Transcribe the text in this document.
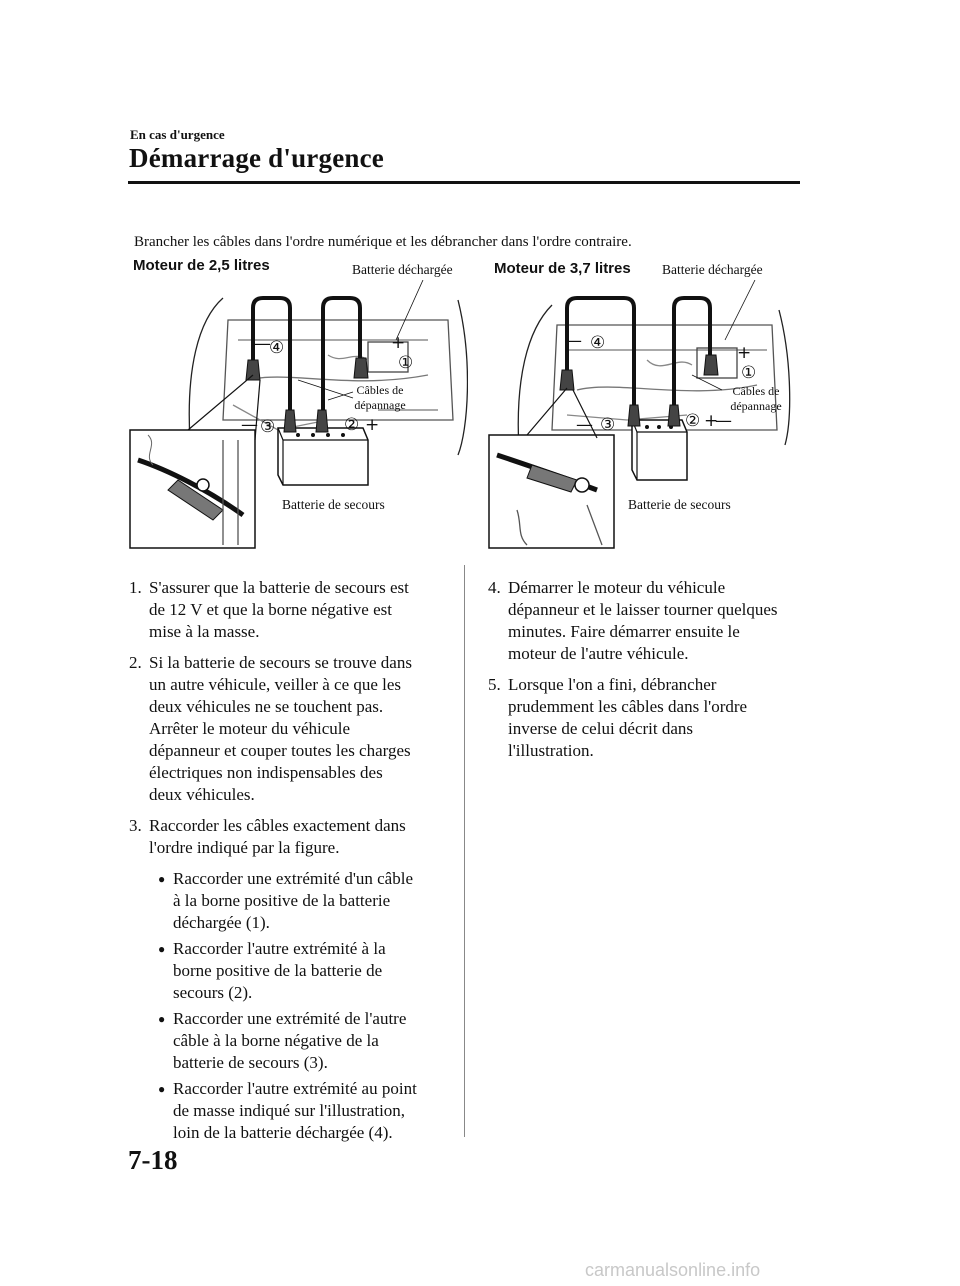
En cas d'urgence
Démarrage d'urgence
Brancher les câbles dans l'ordre numérique et les débrancher dans l'ordre contraire.
Moteur de 2,5 litres	Batterie déchargée
—
④	+
①
— ③	② +
Câbles de
dépannage
Batterie de secours
Moteur de 3,7 litres Batterie déchargée
— ④	+
①
— ③	② +
—
Câbles de
dépannage
Batterie de secours
1. S'assurer que la batterie de secours est
de 12 V et que la borne négative est
mise à la masse.
2. Si la batterie de secours se trouve dans
un autre véhicule, veiller à ce que les
deux véhicules ne se touchent pas.
Arrêter le moteur du véhicule
dépanneur et couper toutes les charges
électriques non indispensables des
deux véhicules.
3. Raccorder les câbles exactement dans
l'ordre indiqué par la figure.
● Raccorder une extrémité d'un câble
à la borne positive de la batterie
déchargée (1).
● Raccorder l'autre extrémité à la
borne positive de la batterie de
secours (2).
● Raccorder une extrémité de l'autre
câble à la borne négative de la
batterie de secours (3).
● Raccorder l'autre extrémité au point
de masse indiqué sur l'illustration,
loin de la batterie déchargée (4).
4. Démarrer le moteur du véhicule
dépanneur et le laisser tourner quelques
minutes. Faire démarrer ensuite le
moteur de l'autre véhicule.
5. Lorsque l'on a fini, débrancher
prudemment les câbles dans l'ordre
inverse de celui décrit dans
l'illustration.
7-18
carmanualsonline.info
